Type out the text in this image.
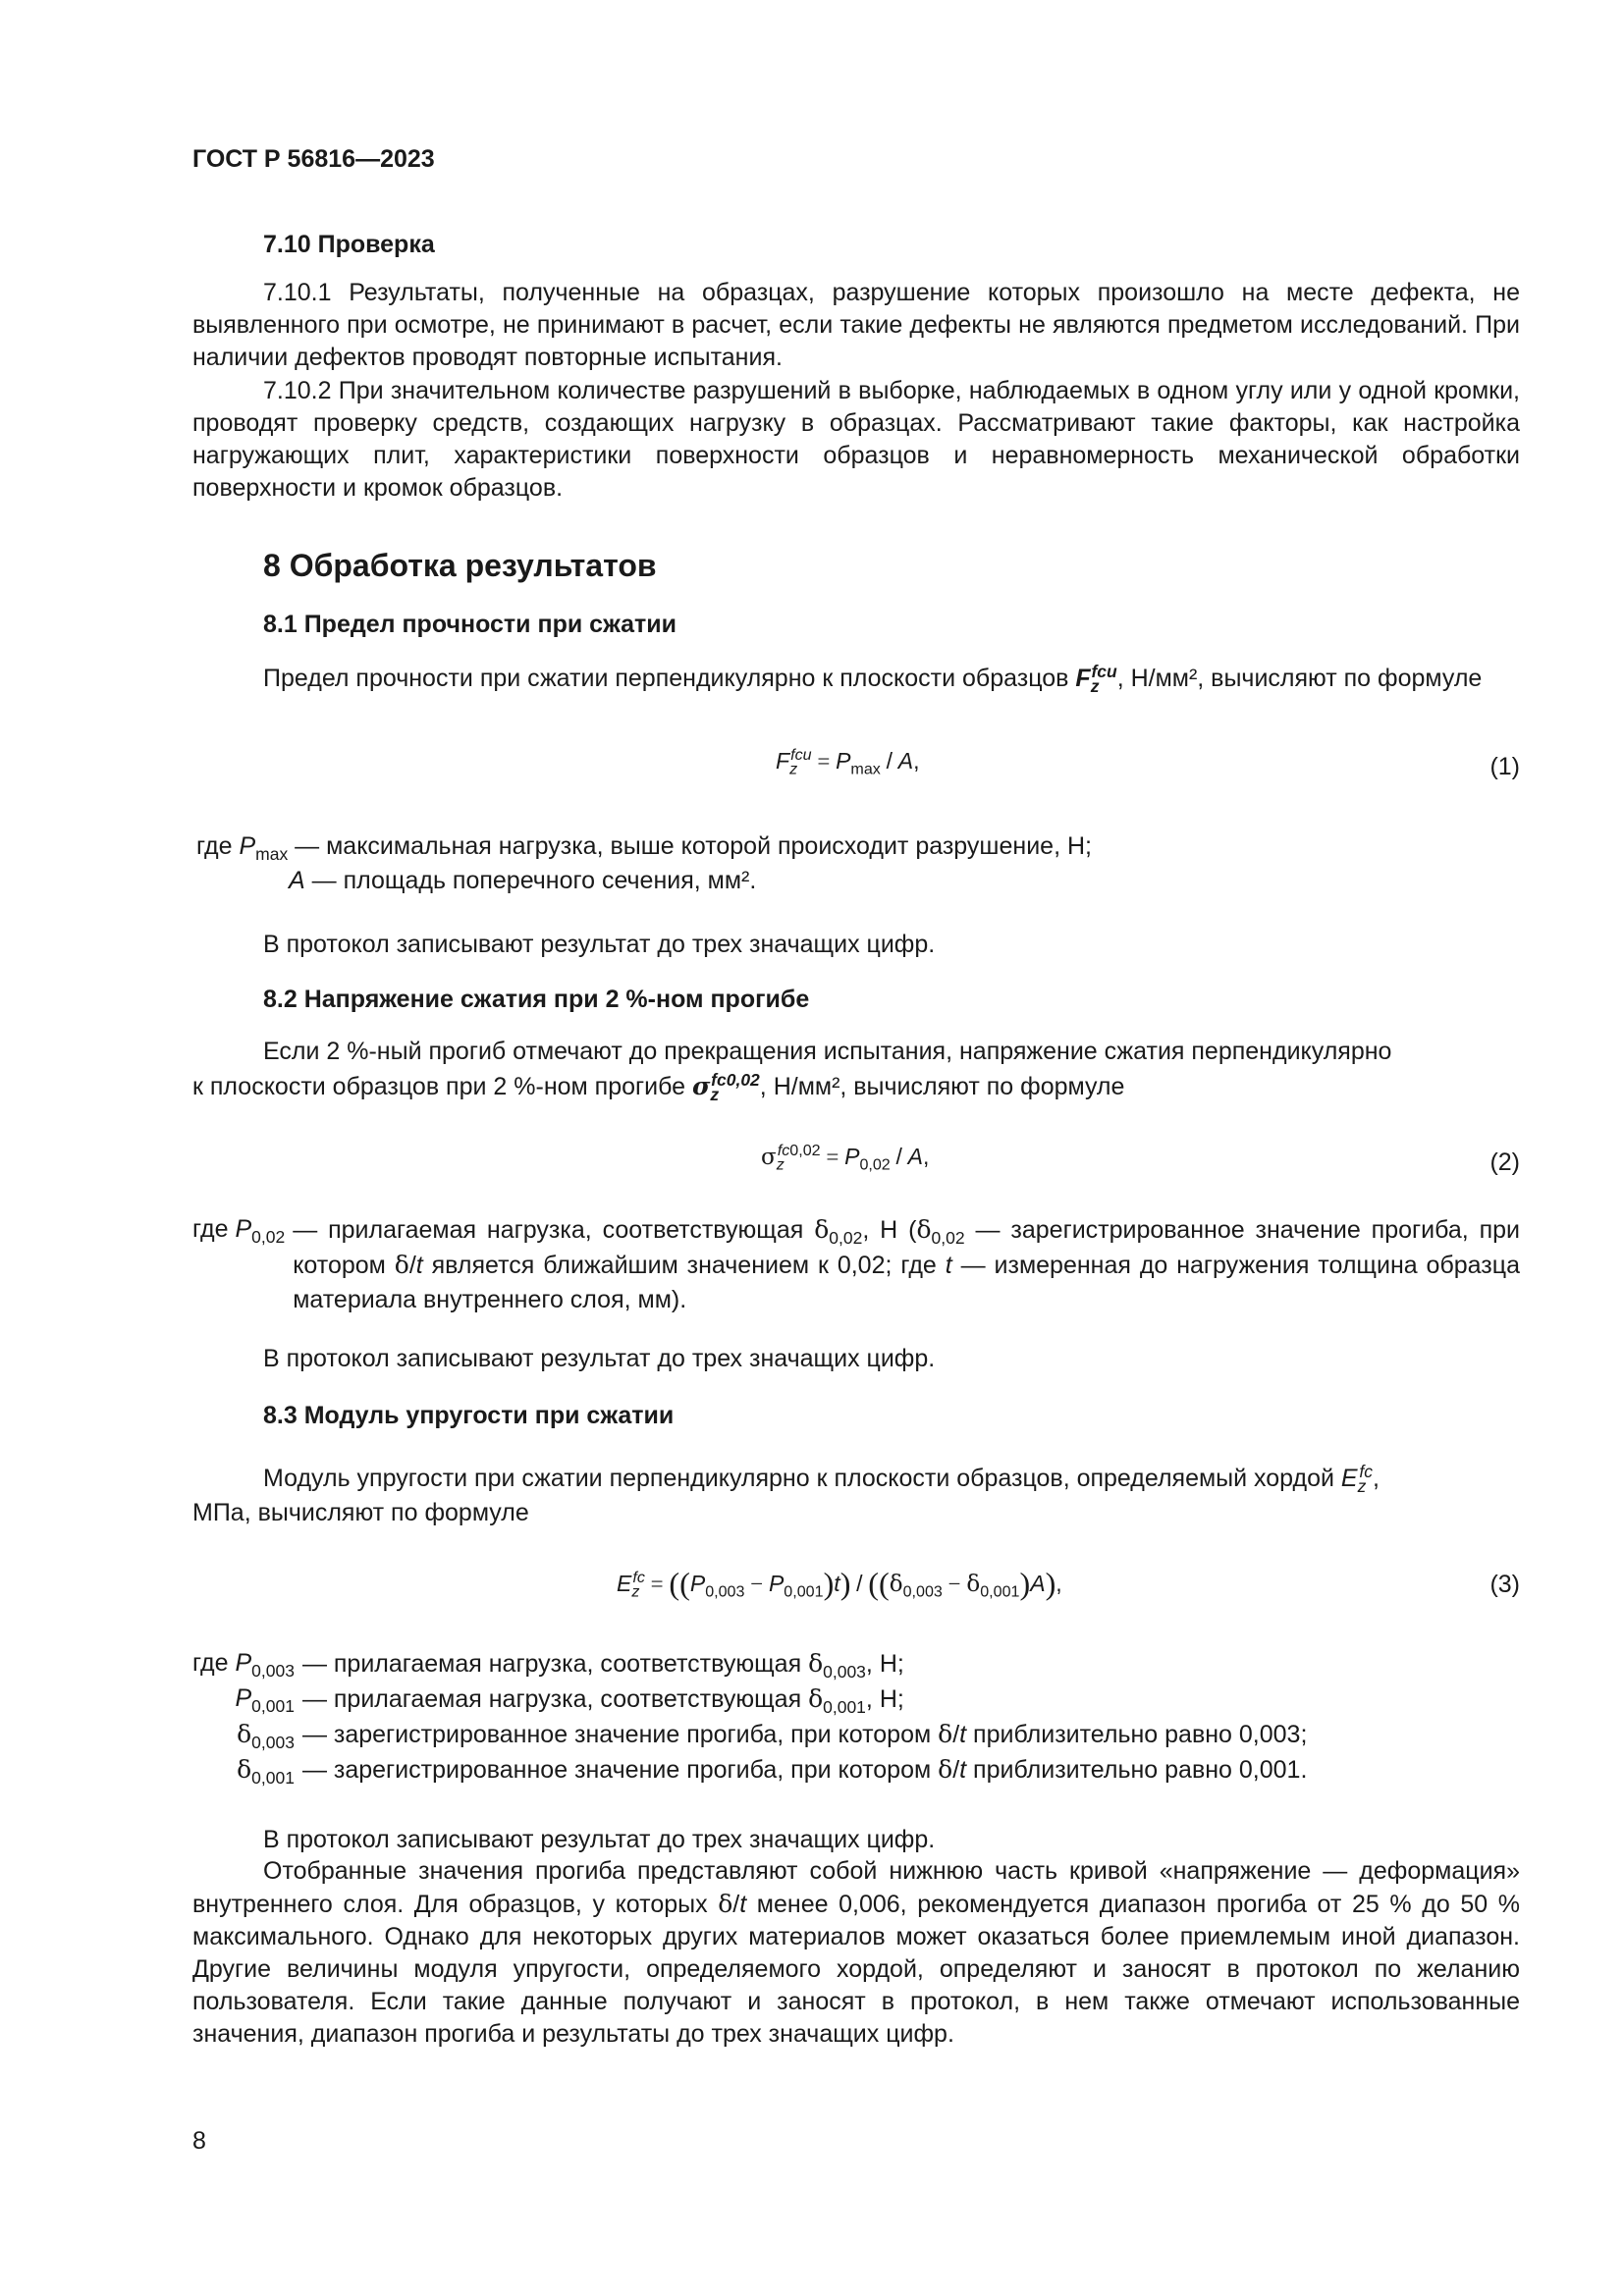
ГОСТ Р 56816—2023
7.10 Проверка
7.10.1 Результаты, полученные на образцах, разрушение которых произошло на месте дефекта, не выявленного при осмотре, не принимают в расчет, если такие дефекты не являются предметом исследований. При наличии дефектов проводят повторные испытания.
7.10.2 При значительном количестве разрушений в выборке, наблюдаемых в одном углу или у одной кромки, проводят проверку средств, создающих нагрузку в образцах. Рассматривают такие факторы, как настройка нагружающих плит, характеристики поверхности образцов и неравномерность механической обработки поверхности и кромок образцов.
8 Обработка результатов
8.1 Предел прочности при сжатии
Предел прочности при сжатии перпендикулярно к плоскости образцов $F_z^{fcu}$, Н/мм², вычисляют по формуле
$F_z^{fcu} = P_{max} / A$,	(1)
где $P_{max}$ — максимальная нагрузка, выше которой происходит разрушение, Н;
A — площадь поперечного сечения, мм².
В протокол записывают результат до трех значащих цифр.
8.2 Напряжение сжатия при 2 %-ном прогибе
Если 2 %-ный прогиб отмечают до прекращения испытания, напряжение сжатия перпендикулярно
к плоскости образцов при 2 %-ном прогибе $\sigma_z^{fc0,02}$, Н/мм², вычисляют по формуле
$\sigma_z^{fc0,02} = P_{0,02} / A$,	(2)
где $P_{0,02}$	— прилагаемая нагрузка, соответствующая $\delta_{0,02}$, Н ($\delta_{0,02}$ — зарегистрированное значение прогиба, при котором δ/t является ближайшим значением к 0,02; где t — измеренная до нагружения толщина образца материала внутреннего слоя, мм).
В протокол записывают результат до трех значащих цифр.
8.3 Модуль упругости при сжатии
Модуль упругости при сжатии перпендикулярно к плоскости образцов, определяемый хордой $E_z^{fc}$,
МПа, вычисляют по формуле
$E_z^{fc} = ((P_{0,003} - P_{0,001})t) / ((\delta_{0,003} - \delta_{0,001})A)$,	(3)
где $P_{0,003}$	— прилагаемая нагрузка, соответствующая $\delta_{0,003}$, Н;
$P_{0,001}$	— прилагаемая нагрузка, соответствующая $\delta_{0,001}$, Н;
$\delta_{0,003}$	— зарегистрированное значение прогиба, при котором δ/t приблизительно равно 0,003;
$\delta_{0,001}$	— зарегистрированное значение прогиба, при котором δ/t приблизительно равно 0,001.
В протокол записывают результат до трех значащих цифр.
Отобранные значения прогиба представляют собой нижнюю часть кривой «напряжение — деформация» внутреннего слоя. Для образцов, у которых δ/t менее 0,006, рекомендуется диапазон прогиба от 25 % до 50 % максимального. Однако для некоторых других материалов может оказаться более приемлемым иной диапазон. Другие величины модуля упругости, определяемого хордой, определяют и заносят в протокол по желанию пользователя. Если такие данные получают и заносят в протокол, в нем также отмечают использованные значения, диапазон прогиба и результаты до трех значащих цифр.
8
